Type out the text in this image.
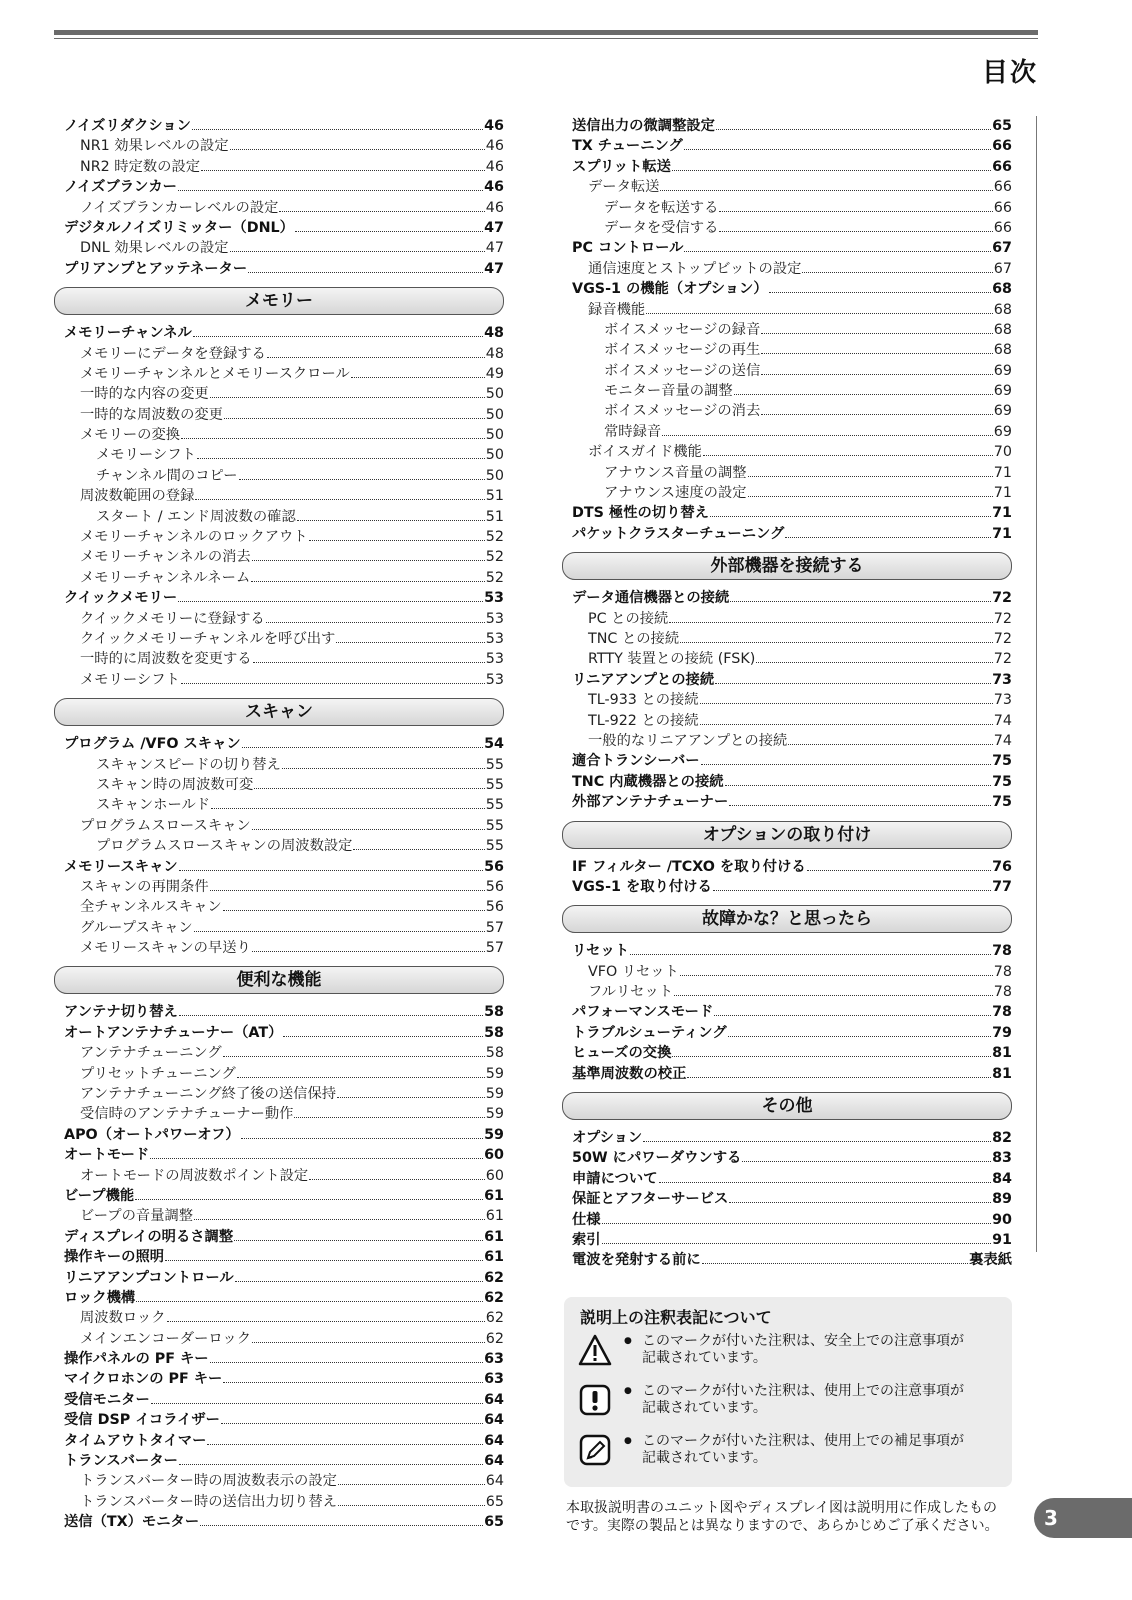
目次
ノイズリダクション	46
NR1 効果レベルの設定	46
NR2 時定数の設定	46
ノイズブランカー	46
ノイズブランカーレベルの設定	46
デジタルノイズリミッター（DNL）	47
DNL 効果レベルの設定	47
プリアンプとアッテネーター	47
メモリー
メモリーチャンネル	48
メモリーにデータを登録する	48
メモリーチャンネルとメモリースクロール	49
一時的な内容の変更	50
一時的な周波数の変更	50
メモリーの変換	50
メモリーシフト	50
チャンネル間のコピー	50
周波数範囲の登録	51
スタート / エンド周波数の確認	51
メモリーチャンネルのロックアウト	52
メモリーチャンネルの消去	52
メモリーチャンネルネーム	52
クイックメモリー	53
クイックメモリーに登録する	53
クイックメモリーチャンネルを呼び出す	53
一時的に周波数を変更する	53
メモリーシフト	53
スキャン
プログラム /VFO スキャン	54
スキャンスピードの切り替え	55
スキャン時の周波数可変	55
スキャンホールド	55
プログラムスロースキャン	55
プログラムスロースキャンの周波数設定	55
メモリースキャン	56
スキャンの再開条件	56
全チャンネルスキャン	56
グループスキャン	57
メモリースキャンの早送り	57
便利な機能
アンテナ切り替え	58
オートアンテナチューナー（AT）	58
アンテナチューニング	58
プリセットチューニング	59
アンテナチューニング終了後の送信保持	59
受信時のアンテナチューナー動作	59
APO（オートパワーオフ）	59
オートモード	60
オートモードの周波数ポイント設定	60
ビープ機能	61
ビープの音量調整	61
ディスプレイの明るさ調整	61
操作キーの照明	61
リニアアンプコントロール	62
ロック機構	62
周波数ロック	62
メインエンコーダーロック	62
操作パネルの PF キー	63
マイクロホンの PF キー	63
受信モニター	64
受信 DSP イコライザー	64
タイムアウトタイマー	64
トランスバーター	64
トランスバーター時の周波数表示の設定	64
トランスバーター時の送信出力切り替え	65
送信（TX）モニター	65
送信出力の微調整設定	65
TX チューニング	66
スプリット転送	66
データ転送	66
データを転送する	66
データを受信する	66
PC コントロール	67
通信速度とストップビットの設定	67
VGS-1 の機能（オプション）	68
録音機能	68
ボイスメッセージの録音	68
ボイスメッセージの再生	68
ボイスメッセージの送信	69
モニター音量の調整	69
ボイスメッセージの消去	69
常時録音	69
ボイスガイド機能	70
アナウンス音量の調整	71
アナウンス速度の設定	71
DTS 極性の切り替え	71
パケットクラスターチューニング	71
外部機器を接続する
データ通信機器との接続	72
PC との接続	72
TNC との接続	72
RTTY 装置との接続 (FSK)	72
リニアアンプとの接続	73
TL-933 との接続	73
TL-922 との接続	74
一般的なリニアアンプとの接続	74
適合トランシーバー	75
TNC 内蔵機器との接続	75
外部アンテナチューナー	75
オプションの取り付け
IF フィルター /TCXO を取り付ける	76
VGS-1 を取り付ける	77
故障かな？と思ったら
リセット	78
VFO リセット	78
フルリセット	78
パフォーマンスモード	78
トラブルシューティング	79
ヒューズの交換	81
基準周波数の校正	81
その他
オプション	82
50W にパワーダウンする	83
申請について	84
保証とアフターサービス	89
仕様	90
索引	91
電波を発射する前に	裏表紙
説明上の注釈表記について
● このマークが付いた注釈は、安全上での注意事項が
記載されています。
● このマークが付いた注釈は、使用上での注意事項が
記載されています。
● このマークが付いた注釈は、使用上での補足事項が
記載されています。
本取扱説明書のユニット図やディスプレイ図は説明用に作成したものです。実際の製品とは異なりますので、あらかじめご了承ください。	3
